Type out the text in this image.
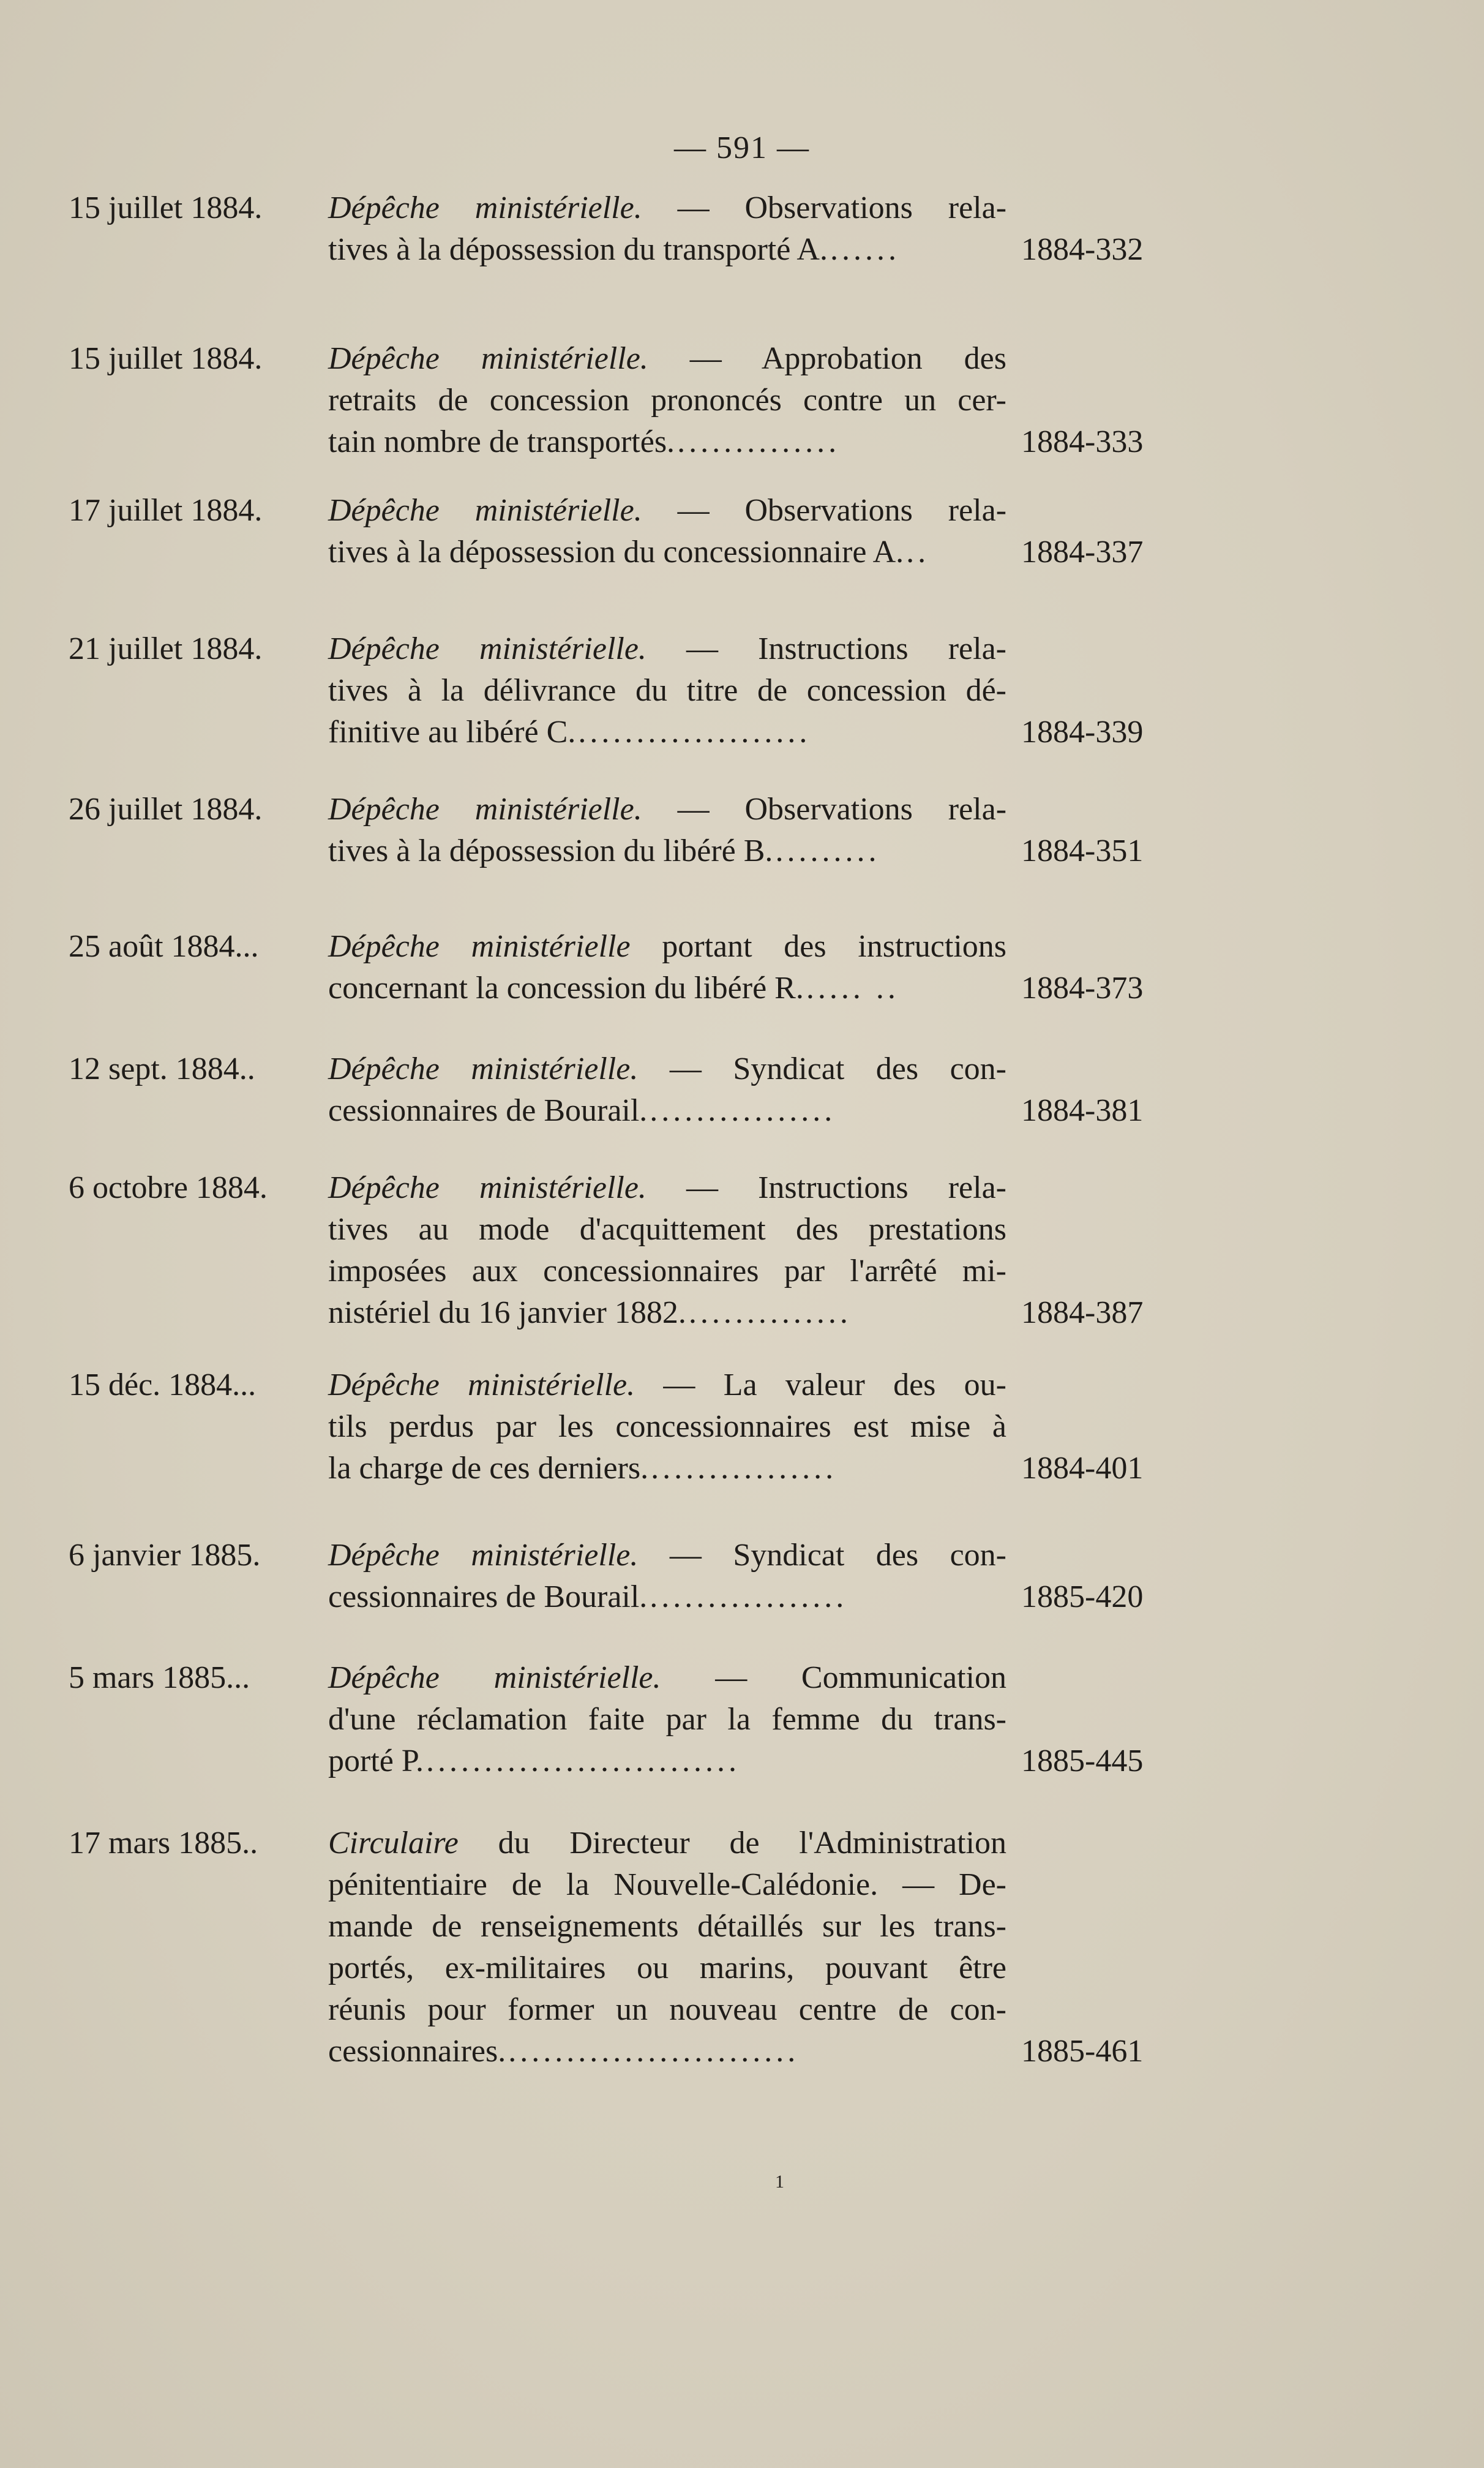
— 591 —
15 juillet 1884. Dépêche ministérielle. — Observations rela-
tives à la dépossession du transporté A. ......	1884-332
15 juillet 1884. Dépêche ministérielle. — Approbation des
retraits de concession prononcés contre un cer-
tain nombre de transportés. ..............	1884-333
17 juillet 1884. Dépêche ministérielle. — Observations rela-
tives à la dépossession du concessionnaire A. ..	1884-337
21 juillet 1884. Dépêche ministérielle. — Instructions rela-
tives à la délivrance du titre de concession dé-
finitive au libéré C. ....................	1884-339
26 juillet 1884. Dépêche ministérielle. — Observations rela-
tives à la dépossession du libéré B. .........	1884-351
25 août 1884... Dépêche ministérielle portant des instructions
concernant la concession du libéré R. ..... ..	1884-373
12 sept. 1884.. Dépêche ministérielle. — Syndicat des con-
cessionnaires de Bourail. ................	1884-381
6 octobre 1884. Dépêche ministérielle. — Instructions rela-
tives au mode d'acquittement des prestations
imposées aux concessionnaires par l'arrêté mi-
nistériel du 16 janvier 1882. ..............	1884-387
15 déc. 1884... Dépêche ministérielle. — La valeur des ou-
tils perdus par les concessionnaires est mise à
la charge de ces derniers. ................	1884-401
6 janvier 1885. Dépêche ministérielle. — Syndicat des con-
cessionnaires de Bourail. .................	1885-420
5 mars 1885... Dépêche ministérielle. — Communication
d'une réclamation faite par la femme du trans-
porté P. ...........................	1885-445
17 mars 1885.. Circulaire du Directeur de l'Administration
pénitentiaire de la Nouvelle-Calédonie. — De-
mande de renseignements détaillés sur les trans-
portés, ex-militaires ou marins, pouvant être
réunis pour former un nouveau centre de con-
cessionnaires. .........................	1885-461
1
